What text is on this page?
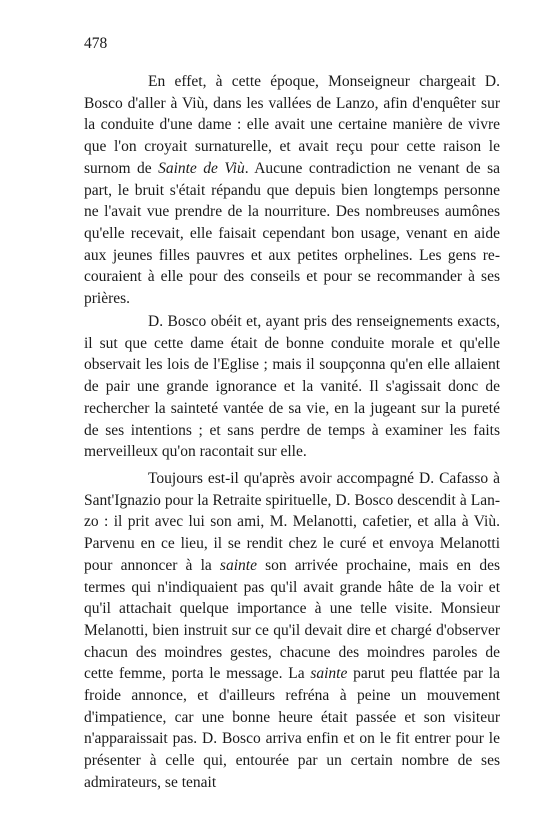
478

En effet, à cette époque, Monseigneur chargeait D. Bosco d'aller à Viù, dans les vallées de Lanzo, afin d'enquêter sur la conduite d'une dame : elle avait une certaine manière de vivre que l'on croyait surnaturelle, et avait reçu pour cette raison le surnom de Sainte de Viù. Aucune contradiction ne venant de sa part, le bruit s'était répandu que depuis bien longtemps personne ne l'avait vue prendre de la nourriture. Des nombreuses aumônes qu'elle recevait, elle faisait cependant bon usage, venant en aide aux jeunes filles pauvres et aux petites orphelines. Les gens recouraient à elle pour des conseils et pour se recommander à ses prières.

D. Bosco obéit et, ayant pris des renseignements exacts, il sut que cette dame était de bonne conduite morale et qu'elle observait les lois de l'Eglise ; mais il soupçonna qu'en elle allaient de pair une grande ignorance et la vanité. Il s'agissait donc de rechercher la sainteté vantée de sa vie, en la jugeant sur la pureté de ses intentions ; et sans perdre de temps à examiner les faits merveilleux qu'on racontait sur elle.

Toujours est-il qu'après avoir accompagné D. Cafasso à Sant'Ignazio pour la Retraite spirituelle, D. Bosco descendit à Lanzo : il prit avec lui son ami, M. Melanotti, cafetier, et alla à Viù. Parvenu en ce lieu, il se rendit chez le curé et envoya Melanotti pour annoncer à la sainte son arrivée prochaine, mais en des termes qui n'indiquaient pas qu'il avait grande hâte de la voir et qu'il attachait quelque importance à une telle visite. Monsieur Melanotti, bien instruit sur ce qu'il devait dire et chargé d'observer chacun des moindres gestes, chacune des moindres paroles de cette femme, porta le message. La sainte parut peu flattée par la froide annonce, et d'ailleurs refréna à peine un mouvement d'impatience, car une bonne heure était passée et son visiteur n'apparaissait pas. D. Bosco arriva enfin et on le fit entrer pour le présenter à celle qui, entourée par un certain nombre de ses admirateurs, se tenait
